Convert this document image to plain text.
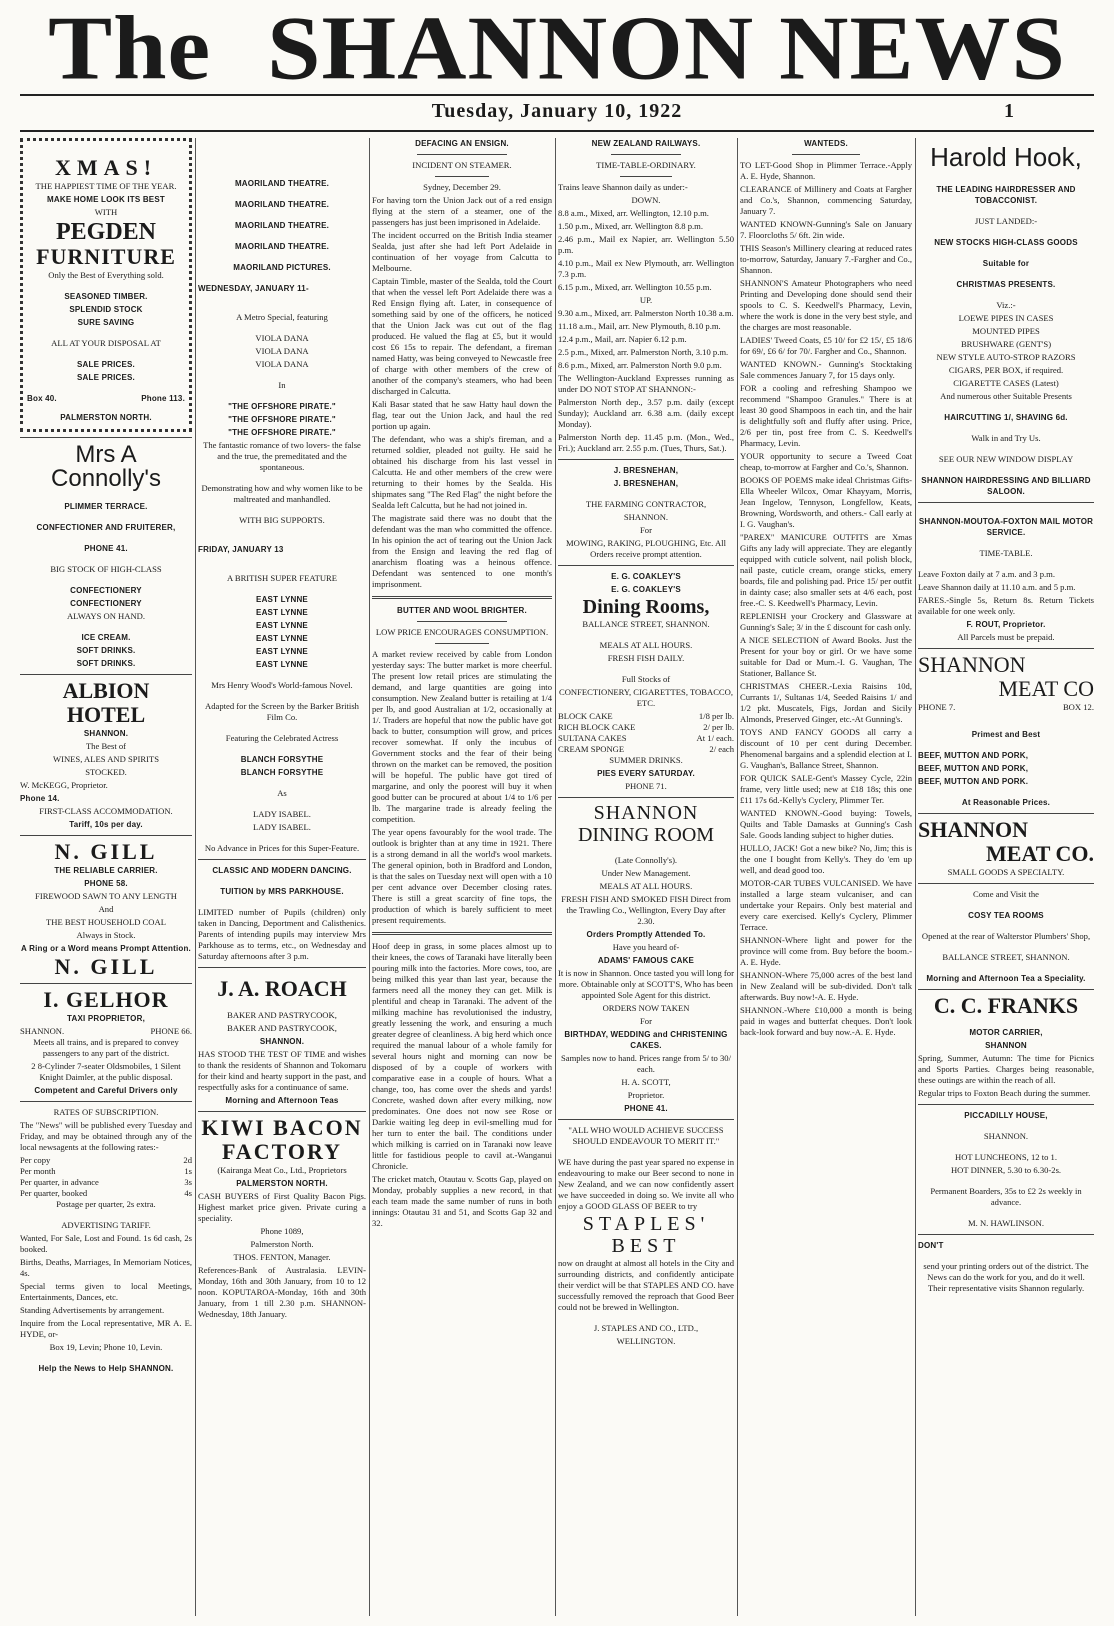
The SHANNON NEWS
Tuesday, January 10, 1922	1

XMAS!

THE HAPPIEST TIME OF THE YEAR.

MAKE HOME LOOK ITS BEST

WITH

PEGDEN

FURNITURE

Only the Best of Everything sold.

SEASONED TIMBER.

SPLENDID STOCK

SURE SAVING

ALL AT YOUR DISPOSAL AT

SALE PRICES.

SALE PRICES.

Box 40.	Phone 113.

PALMERSTON NORTH.

Mrs A Connolly's

PLIMMER TERRACE.

CONFECTIONER AND FRUITERER,

PHONE 41.

BIG STOCK OF HIGH-CLASS

CONFECTIONERY

CONFECTIONERY

ALWAYS ON HAND.

ICE CREAM.

SOFT DRINKS.

SOFT DRINKS.

ALBION

HOTEL

SHANNON.

The Best of

WINES, ALES AND SPIRITS

STOCKED.

W. McKEGG, Proprietor.

Phone 14.

FIRST-CLASS ACCOMMODATION.

Tariff, 10s per day.

N. GILL

THE RELIABLE CARRIER.

PHONE 58.

FIREWOOD SAWN TO ANY LENGTH

And

THE BEST HOUSEHOLD COAL

Always in Stock.

A Ring or a Word means Prompt Attention.

N. GILL

I. GELHOR

TAXI PROPRIETOR,

SHANNON.	PHONE 66.

Meets all trains, and is prepared to convey passengers to any part of the district.

2 8-Cylinder 7-seater Oldsmobiles, 1 Silent Knight Daimler, at the public disposal.

Competent and Careful Drivers only

RATES OF SUBSCRIPTION.

The "News" will be published every Tuesday and Friday, and may be obtained through any of the local newsagents at the following rates:-

Per copy	2d
Per month	1s
Per quarter, in advance	3s
Per quarter, booked	4s

Postage per quarter, 2s extra.

ADVERTISING TARIFF.

Wanted, For Sale, Lost and Found. 1s 6d cash, 2s booked.

Births, Deaths, Marriages, In Memoriam Notices, 4s.

Special terms given to local Meetings, Entertainments, Dances, etc.

Standing Advertisements by arrangement.

Inquire from the Local representative, MR A. E. HYDE, or-

Box 19, Levin; Phone 10, Levin.

Help the News to Help SHANNON.

MAORILAND THEATRE.

MAORILAND THEATRE.

MAORILAND THEATRE.

MAORILAND THEATRE.

MAORILAND PICTURES.

WEDNESDAY, JANUARY 11-

A Metro Special, featuring

VIOLA DANA

VIOLA DANA

VIOLA DANA

In

"THE OFFSHORE PIRATE."

"THE OFFSHORE PIRATE."

"THE OFFSHORE PIRATE."

The fantastic romance of two lovers- the false and the true, the premeditated and the spontaneous.

Demonstrating how and why women like to be maltreated and manhandled.

WITH BIG SUPPORTS.

FRIDAY, JANUARY 13

A BRITISH SUPER FEATURE

EAST LYNNE

EAST LYNNE

EAST LYNNE

EAST LYNNE

EAST LYNNE

EAST LYNNE

Mrs Henry Wood's World-famous Novel.

Adapted for the Screen by the Barker British Film Co.

Featuring the Celebrated Actress

BLANCH FORSYTHE

BLANCH FORSYTHE

As

LADY ISABEL.

LADY ISABEL.

No Advance in Prices for this Super-Feature.

CLASSIC AND MODERN DANCING.

TUITION by MRS PARKHOUSE.

LIMITED number of Pupils (children) only taken in Dancing, Deportment and Calisthenics. Parents of intending pupils may interview Mrs Parkhouse as to terms, etc., on Wednesday and Saturday afternoons after 3 p.m.

J. A. ROACH

BAKER AND PASTRYCOOK,

BAKER AND PASTRYCOOK,

SHANNON.

HAS STOOD THE TEST OF TIME and wishes to thank the residents of Shannon and Tokomaru for their kind and hearty support in the past, and respectfully asks for a continuance of same.

Morning and Afternoon Teas

KIWI BACON

FACTORY

(Kairanga Meat Co., Ltd., Proprietors

PALMERSTON NORTH.

CASH BUYERS of First Quality Bacon Pigs. Highest market price given. Private curing a speciality.

Phone 1089,

Palmerston North.

THOS. FENTON, Manager.

References-Bank of Australasia. LEVIN-Monday, 16th and 30th January, from 10 to 12 noon. KOPUTAROA-Monday, 16th and 30th January, from 1 till 2.30 p.m. SHANNON-Wednesday, 18th January.

DEFACING AN ENSIGN.

INCIDENT ON STEAMER.

Sydney, December 29.

For having torn the Union Jack out of a red ensign flying at the stern of a steamer, one of the passengers has just been imprisoned in Adelaide.

The incident occurred on the British India steamer Sealda, just after she had left Port Adelaide in continuation of her voyage from Calcutta to Melbourne.

Captain Timble, master of the Sealda, told the Court that when the vessel left Port Adelaide there was a Red Ensign flying aft. Later, in consequence of something said by one of the officers, he noticed that the Union Jack was cut out of the flag produced. He valued the flag at £5, but it would cost £6 15s to repair. The defendant, a fireman named Hatty, was being conveyed to Newcastle free of charge with other members of the crew of another of the company's steamers, who had been discharged in Calcutta.

Kali Basar stated that he saw Hatty haul down the flag, tear out the Union Jack, and haul the red portion up again.

The defendant, who was a ship's fireman, and a returned soldier, pleaded not guilty. He said he obtained his discharge from his last vessel in Calcutta. He and other members of the crew were returning to their homes by the Sealda. His shipmates sang "The Red Flag" the night before the Sealda left Calcutta, but he had not joined in.

The magistrate said there was no doubt that the defendant was the man who committed the offence. In his opinion the act of tearing out the Union Jack from the Ensign and leaving the red flag of anarchism floating was a heinous offence. Defendant was sentenced to one month's imprisonment.

BUTTER AND WOOL BRIGHTER.

LOW PRICE ENCOURAGES CONSUMPTION.

A market review received by cable from London yesterday says: The butter market is more cheerful. The present low retail prices are stimulating the demand, and large quantities are going into consumption. New Zealand butter is retailing at 1/4 per lb, and good Australian at 1/2, occasionally at 1/. Traders are hopeful that now the public have got back to butter, consumption will grow, and prices recover somewhat. If only the incubus of Government stocks and the fear of their being thrown on the market can be removed, the position will be hopeful. The public have got tired of margarine, and only the poorest will buy it when good butter can be procured at about 1/4 to 1/6 per lb. The margarine trade is already feeling the competition.

The year opens favourably for the wool trade. The outlook is brighter than at any time in 1921. There is a strong demand in all the world's wool markets. The general opinion, both in Bradford and London, is that the sales on Tuesday next will open with a 10 per cent advance over December closing rates. There is still a great scarcity of fine tops, the production of which is barely sufficient to meet present requirements.

Hoof deep in grass, in some places almost up to their knees, the cows of Taranaki have literally been pouring milk into the factories. More cows, too, are being milked this year than last year, because the farmers need all the money they can get. Milk is plentiful and cheap in Taranaki. The advent of the milking machine has revolutionised the industry, greatly lessening the work, and ensuring a much greater degree of cleanliness. A big herd which once required the manual labour of a whole family for several hours night and morning can now be disposed of by a couple of workers with comparative ease in a couple of hours. What a change, too, has come over the sheds and yards! Concrete, washed down after every milking, now predominates. One does not now see Rose or Darkie waiting leg deep in evil-smelling mud for her turn to enter the bail. The conditions under which milking is carried on in Taranaki now leave little for fastidious people to cavil at.-Wanganui Chronicle.

The cricket match, Otautau v. Scotts Gap, played on Monday, probably supplies a new record, in that each team made the same number of runs in both innings: Otautau 31 and 51, and Scotts Gap 32 and 32.

NEW ZEALAND RAILWAYS.

TIME-TABLE-ORDINARY.

Trains leave Shannon daily as under:-

DOWN.

8.8 a.m., Mixed, arr. Wellington, 12.10 p.m.

1.50 p.m., Mixed, arr. Wellington 8.8 p.m.

2.46 p.m., Mail ex Napier, arr. Wellington 5.50 p.m.

4.10 p.m., Mail ex New Plymouth, arr. Wellington 7.3 p.m.

6.15 p.m., Mixed, arr. Wellington 10.55 p.m.

UP.

9.30 a.m., Mixed, arr. Palmerston North 10.38 a.m.

11.18 a.m., Mail, arr. New Plymouth, 8.10 p.m.

12.4 p.m., Mail, arr. Napier 6.12 p.m.

2.5 p.m., Mixed, arr. Palmerston North, 3.10 p.m.

8.6 p.m., Mixed, arr. Palmerston North 9.0 p.m.

The Wellington-Auckland Expresses running as under DO NOT STOP AT SHANNON:-

Palmerston North dep., 3.57 p.m. daily (except Sunday); Auckland arr. 6.38 a.m. (daily except Monday).

Palmerston North dep. 11.45 p.m. (Mon., Wed., Fri.); Auckland arr. 2.55 p.m. (Tues, Thurs, Sat.).

J. BRESNEHAN,

J. BRESNEHAN,

THE FARMING CONTRACTOR,

SHANNON.

For

MOWING, RAKING, PLOUGHING, Etc. All Orders receive prompt attention.

E. G. COAKLEY'S

E. G. COAKLEY'S

Dining Rooms,

BALLANCE STREET, SHANNON.

MEALS AT ALL HOURS.

FRESH FISH DAILY.

Full Stocks of

CONFECTIONERY, CIGARETTES, TOBACCO, ETC.

BLOCK CAKE	1/8 per lb.
RICH BLOCK CAKE	2/ per lb.
SULTANA CAKES	At 1/ each.
CREAM SPONGE	2/ each

SUMMER DRINKS.

PIES EVERY SATURDAY.

PHONE 71.

SHANNON

DINING ROOM

(Late Connolly's).

Under New Management.

MEALS AT ALL HOURS.

FRESH FISH AND SMOKED FISH Direct from the Trawling Co., Wellington, Every Day after 2.30.

Orders Promptly Attended To.

Have you heard of-

ADAMS' FAMOUS CAKE

It is now in Shannon. Once tasted you will long for more. Obtainable only at SCOTT'S, Who has been appointed Sole Agent for this district.

ORDERS NOW TAKEN

For

BIRTHDAY, WEDDING and CHRISTENING CAKES.

Samples now to hand. Prices range from 5/ to 30/ each.

H. A. SCOTT,

Proprietor.

PHONE 41.

"ALL WHO WOULD ACHIEVE SUCCESS SHOULD ENDEAVOUR TO MERIT IT."

WE have during the past year spared no expense in endeavouring to make our Beer second to none in New Zealand, and we can now confidently assert we have succeeded in doing so. We invite all who enjoy a GOOD GLASS OF BEER to try

STAPLES'

BEST

now on draught at almost all hotels in the City and surrounding districts, and confidently anticipate their verdict will be that STAPLES AND CO. have successfully removed the reproach that Good Beer could not be brewed in Wellington.

J. STAPLES AND CO., LTD.,

WELLINGTON.

WANTEDS.

TO LET-Good Shop in Plimmer Terrace.-Apply A. E. Hyde, Shannon.

CLEARANCE of Millinery and Coats at Fargher and Co.'s, Shannon, commencing Saturday, January 7.

WANTED KNOWN-Gunning's Sale on January 7. Floorcloths 5/ 6ft. 2in wide.

THIS Season's Millinery clearing at reduced rates to-morrow, Saturday, January 7.-Fargher and Co., Shannon.

SHANNON'S Amateur Photographers who need Printing and Developing done should send their spools to C. S. Keedwell's Pharmacy, Levin, where the work is done in the very best style, and the charges are most reasonable.

LADIES' Tweed Coats, £5 10/ for £2 15/, £5 18/6 for 69/, £6 6/ for 70/. Fargher and Co., Shannon.

WANTED KNOWN.- Gunning's Stocktaking Sale commences January 7, for 15 days only.

FOR a cooling and refreshing Shampoo we recommend "Shampoo Granules." There is at least 30 good Shampoos in each tin, and the hair is delightfully soft and fluffy after using. Price, 2/6 per tin, post free from C. S. Keedwell's Pharmacy, Levin.

YOUR opportunity to secure a Tweed Coat cheap, to-morrow at Fargher and Co.'s, Shannon.

BOOKS OF POEMS make ideal Christmas Gifts-Ella Wheeler Wilcox, Omar Khayyam, Morris, Jean Ingelow, Tennyson, Longfellow, Keats, Browning, Wordsworth, and others.- Call early at I. G. Vaughan's.

"PAREX" MANICURE OUTFITS are Xmas Gifts any lady will appreciate. They are elegantly equipped with cuticle solvent, nail polish block, nail paste, cuticle cream, orange sticks, emery boards, file and polishing pad. Price 15/ per outfit in dainty case; also smaller sets at 4/6 each, post free.-C. S. Keedwell's Pharmacy, Levin.

REPLENISH your Crockery and Glassware at Gunning's Sale; 3/ in the £ discount for cash only.

A NICE SELECTION of Award Books. Just the Present for your boy or girl. Or we have some suitable for Dad or Mum.-I. G. Vaughan, The Stationer, Ballance St.

CHRISTMAS CHEER.-Lexia Raisins 10d, Currants 1/, Sultanas 1/4, Seeded Raisins 1/ and 1/2 pkt. Muscatels, Figs, Jordan and Sicily Almonds, Preserved Ginger, etc.-At Gunning's.

TOYS AND FANCY GOODS all carry a discount of 10 per cent during December. Phenomenal bargains and a splendid election at I. G. Vaughan's, Ballance Street, Shannon.

FOR QUICK SALE-Gent's Massey Cycle, 22in frame, very little used; new at £18 18s; this one £11 17s 6d.-Kelly's Cyclery, Plimmer Ter.

WANTED KNOWN.-Good buying: Towels, Quilts and Table Damasks at Gunning's Cash Sale. Goods landing subject to higher duties.

HULLO, JACK! Got a new bike? No, Jim; this is the one I bought from Kelly's. They do 'em up well, and dead good too.

MOTOR-CAR TUBES VULCANISED. We have installed a large steam vulcaniser, and can undertake your Repairs. Only best material and every care exercised. Kelly's Cyclery, Plimmer Terrace.

SHANNON-Where light and power for the province will come from. Buy before the boom.-A. E. Hyde.

SHANNON-Where 75,000 acres of the best land in New Zealand will be sub-divided. Don't talk afterwards. Buy now!-A. E. Hyde.

SHANNON.-Where £10,000 a month is being paid in wages and butterfat cheques. Don't look back-look forward and buy now.-A. E. Hyde.

Harold Hook,

THE LEADING HAIRDRESSER AND TOBACCONIST.

JUST LANDED:-

NEW STOCKS HIGH-CLASS GOODS

Suitable for

CHRISTMAS PRESENTS.

Viz.:-

LOEWE PIPES IN CASES

MOUNTED PIPES

BRUSHWARE (GENT'S)

NEW STYLE AUTO-STROP RAZORS

CIGARS, PER BOX, if required.

CIGARETTE CASES (Latest)

And numerous other Suitable Presents

HAIRCUTTING 1/, SHAVING 6d.

Walk in and Try Us.

SEE OUR NEW WINDOW DISPLAY

SHANNON HAIRDRESSING AND BILLIARD SALOON.

SHANNON-MOUTOA-FOXTON MAIL MOTOR SERVICE.

TIME-TABLE.

Leave Foxton daily at 7 a.m. and 3 p.m.

Leave Shannon daily at 11.10 a.m. and 5 p.m.

FARES.-Single 5s, Return 8s. Return Tickets available for one week only.

F. ROUT, Proprietor.

All Parcels must be prepaid.

SHANNON

MEAT CO

PHONE 7.	BOX 12.

Primest and Best

BEEF, MUTTON AND PORK,

BEEF, MUTTON AND PORK,

BEEF, MUTTON AND PORK.

At Reasonable Prices.

SHANNON

MEAT CO.

SMALL GOODS A SPECIALTY.

Come and Visit the

COSY TEA ROOMS

Opened at the rear of Walterstor Plumbers' Shop,

BALLANCE STREET, SHANNON.

Morning and Afternoon Tea a Speciality.

C. C. FRANKS

MOTOR CARRIER,

SHANNON

Spring, Summer, Autumn: The time for Picnics and Sports Parties. Charges being reasonable, these outings are within the reach of all.

Regular trips to Foxton Beach during the summer.

PICCADILLY HOUSE,

SHANNON.

HOT LUNCHEONS, 12 to 1.

HOT DINNER, 5.30 to 6.30-2s.

Permanent Boarders, 35s to £2 2s weekly in advance.

M. N. HAWLINSON.

DON'T

send your printing orders out of the district. The News can do the work for you, and do it well. Their representative visits Shannon regularly.
